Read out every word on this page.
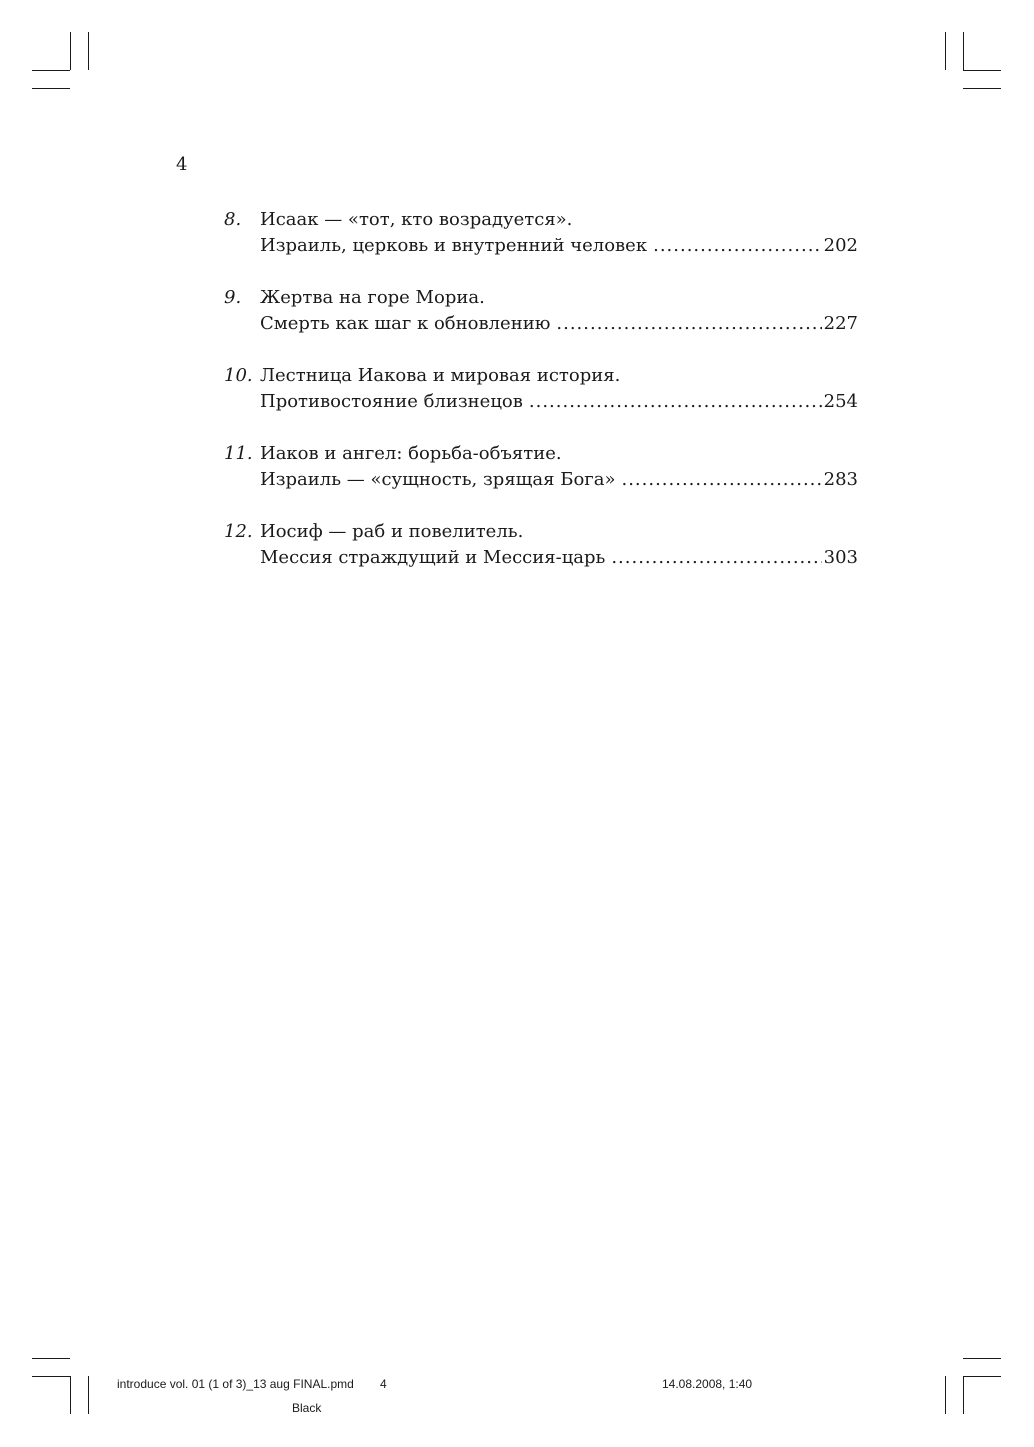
4
8. Исаак — «тот, кто возрадуется».
Израиль, церковь и внутренний человек .....	202
9. Жертва на горе Мориа.
Смерть как шаг к обновлению .....	227
10. Лестница Иакова и мировая история.
Противостояние близнецов .....	254
11. Иаков и ангел: борьба-объятие.
Израиль — «сущность, зрящая Бога» .....	283
12. Иосиф — раб и повелитель.
Мессия страждущий и Мессия-царь .....	303
introduce vol. 01 (1 of 3)_13 aug FINAL.pmd 4	14.08.2008, 1:40
Black
